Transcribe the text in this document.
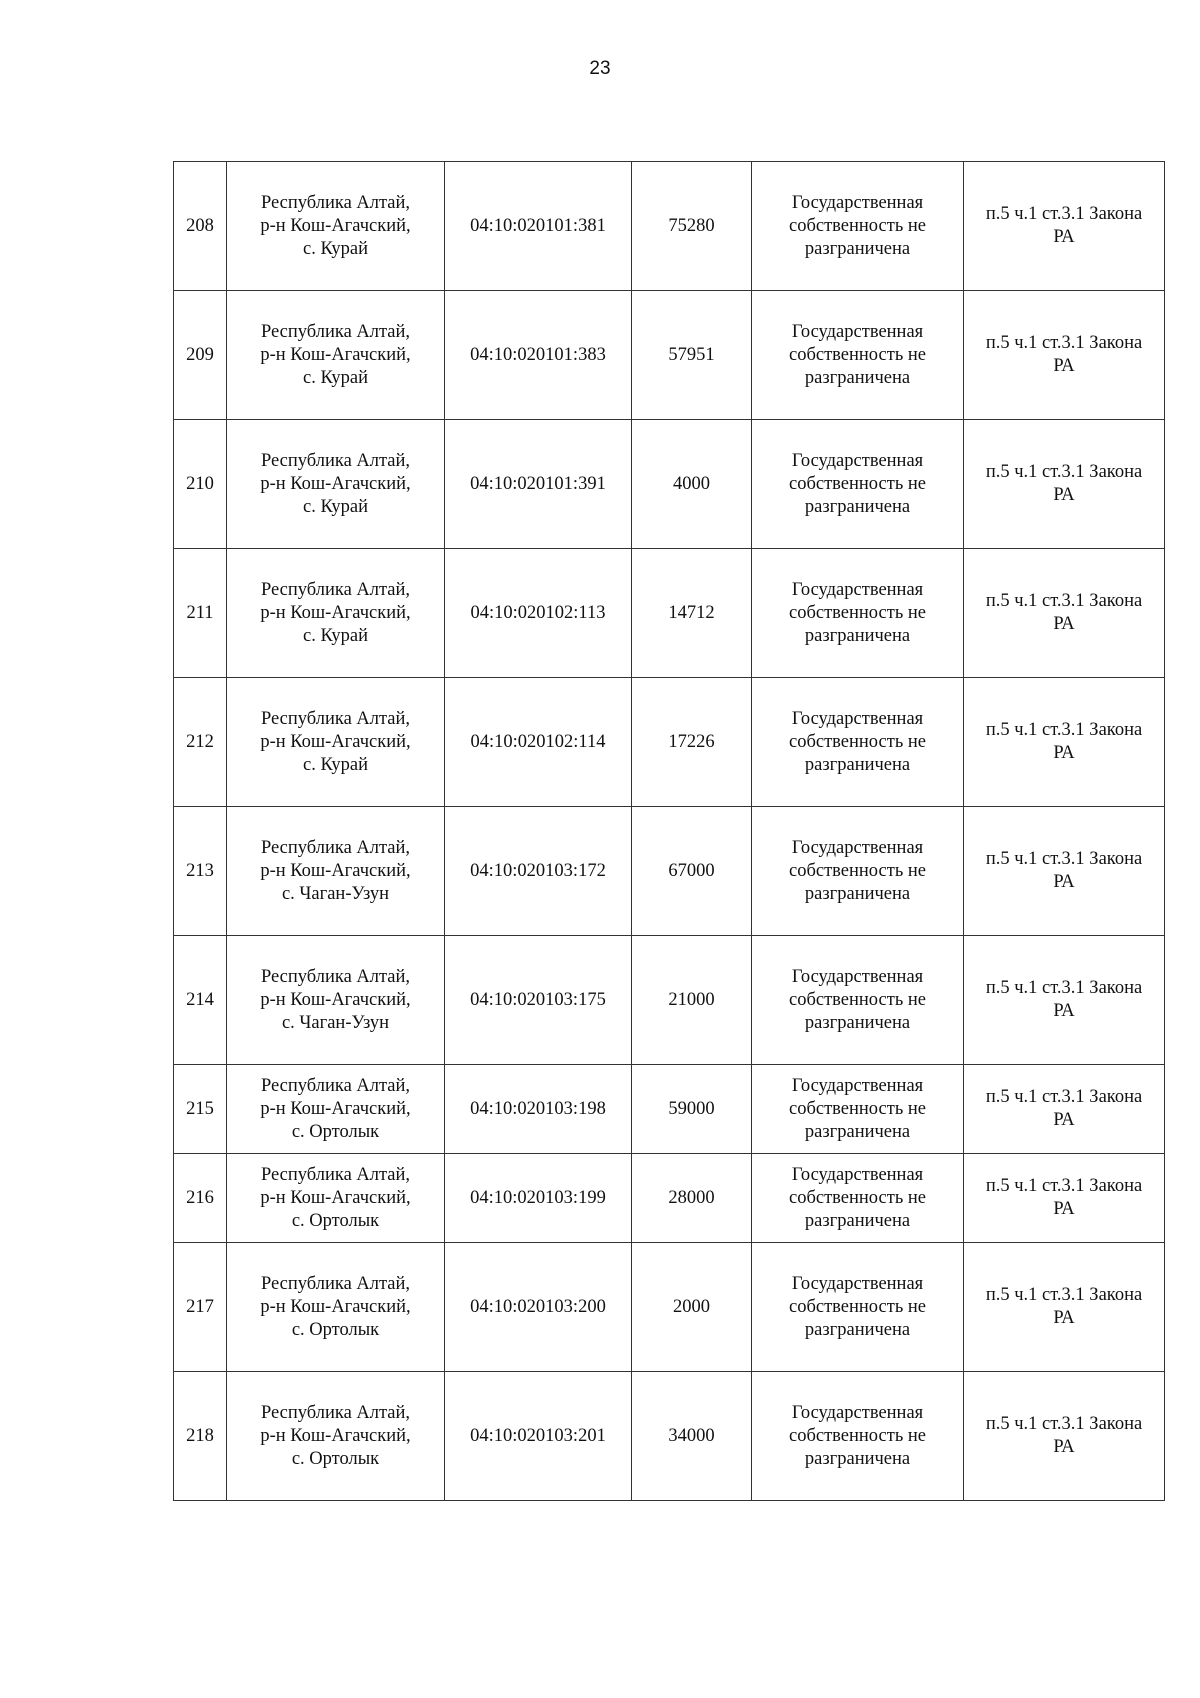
23
208	Республика Алтай,
р-н Кош-Агачский,
с. Курай	04:10:020101:381	75280	Государственная
собственность не
разграничена	п.5 ч.1 ст.3.1 Закона
РА

209	Республика Алтай,
р-н Кош-Агачский,
с. Курай	04:10:020101:383	57951	Государственная
собственность не
разграничена	п.5 ч.1 ст.3.1 Закона
РА

210	Республика Алтай,
р-н Кош-Агачский,
с. Курай	04:10:020101:391	4000	Государственная
собственность не
разграничена	п.5 ч.1 ст.3.1 Закона
РА

211	Республика Алтай,
р-н Кош-Агачский,
с. Курай	04:10:020102:113	14712	Государственная
собственность не
разграничена	п.5 ч.1 ст.3.1 Закона
РА

212	Республика Алтай,
р-н Кош-Агачский,
с. Курай	04:10:020102:114	17226	Государственная
собственность не
разграничена	п.5 ч.1 ст.3.1 Закона
РА

213	Республика Алтай,
р-н Кош-Агачский,
с. Чаган-Узун	04:10:020103:172	67000	Государственная
собственность не
разграничена	п.5 ч.1 ст.3.1 Закона
РА

214	Республика Алтай,
р-н Кош-Агачский,
с. Чаган-Узун	04:10:020103:175	21000	Государственная
собственность не
разграничена	п.5 ч.1 ст.3.1 Закона
РА

215	Республика Алтай,
р-н Кош-Агачский,
с. Ортолык	04:10:020103:198	59000	Государственная
собственность не
разграничена	п.5 ч.1 ст.3.1 Закона
РА

216	Республика Алтай,
р-н Кош-Агачский,
с. Ортолык	04:10:020103:199	28000	Государственная
собственность не
разграничена	п.5 ч.1 ст.3.1 Закона
РА

217	Республика Алтай,
р-н Кош-Агачский,
с. Ортолык	04:10:020103:200	2000	Государственная
собственность не
разграничена	п.5 ч.1 ст.3.1 Закона
РА

218	Республика Алтай,
р-н Кош-Агачский,
с. Ортолык	04:10:020103:201	34000	Государственная
собственность не
разграничена	п.5 ч.1 ст.3.1 Закона
РА
